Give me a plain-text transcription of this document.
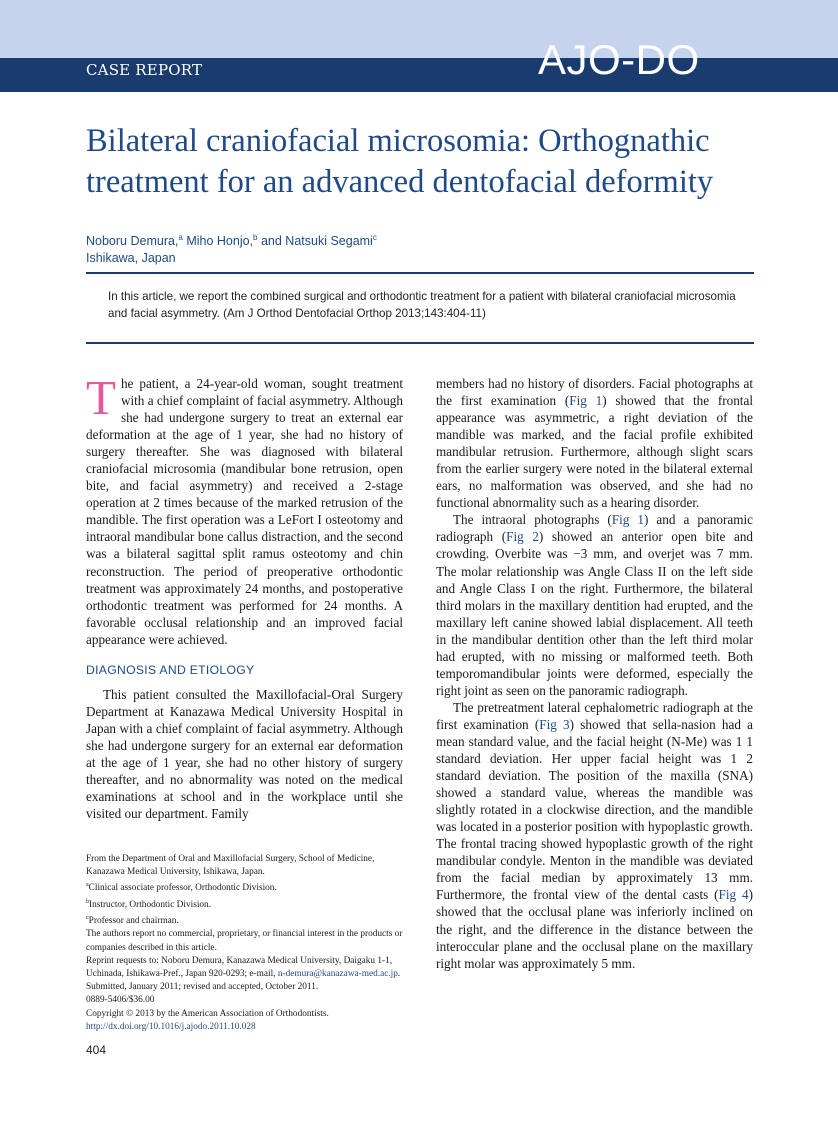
CASE REPORT	AJO-DO
Bilateral craniofacial microsomia: Orthognathic treatment for an advanced dentofacial deformity
Noboru Demura,$^a$ Miho Honjo,$^b$ and Natsuki Segami$^c$
Ishikawa, Japan

In this article, we report the combined surgical and orthodontic treatment for a patient with bilateral craniofacial microsomia and facial asymmetry. (Am J Orthod Dentofacial Orthop 2013;143:404-11)

The patient, a 24-year-old woman, sought treatment with a chief complaint of facial asymmetry. Although she had undergone surgery to treat an external ear deformation at the age of 1 year, she had no history of surgery thereafter. She was diagnosed with bilateral craniofacial microsomia (mandibular bone retrusion, open bite, and facial asymmetry) and received a 2-stage operation at 2 times because of the marked retrusion of the mandible. The first operation was a LeFort I osteotomy and intraoral mandibular bone callus distraction, and the second was a bilateral sagittal split ramus osteotomy and chin reconstruction. The period of preoperative orthodontic treatment was approximately 24 months, and postoperative orthodontic treatment was performed for 24 months. A favorable occlusal relationship and an improved facial appearance were achieved.

DIAGNOSIS AND ETIOLOGY

This patient consulted the Maxillofacial-Oral Surgery Department at Kanazawa Medical University Hospital in Japan with a chief complaint of facial asymmetry. Although she had undergone surgery for an external ear deformation at the age of 1 year, she had no other history of surgery thereafter, and no abnormality was noted on the medical examinations at school and in the workplace until she visited our department. Family

members had no history of disorders. Facial photographs at the first examination (Fig 1) showed that the frontal appearance was asymmetric, a right deviation of the mandible was marked, and the facial profile exhibited mandibular retrusion. Furthermore, although slight scars from the earlier surgery were noted in the bilateral external ears, no malformation was observed, and she had no functional abnormality such as a hearing disorder.

The intraoral photographs (Fig 1) and a panoramic radiograph (Fig 2) showed an anterior open bite and crowding. Overbite was −3 mm, and overjet was 7 mm. The molar relationship was Angle Class II on the left side and Angle Class I on the right. Furthermore, the bilateral third molars in the maxillary dentition had erupted, and the maxillary left canine showed labial displacement. All teeth in the mandibular dentition other than the left third molar had erupted, with no missing or malformed teeth. Both temporomandibular joints were deformed, especially the right joint as seen on the panoramic radiograph.

The pretreatment lateral cephalometric radiograph at the first examination (Fig 3) showed that sella-nasion had a mean standard value, and the facial height (N-Me) was 1 1 standard deviation. Her upper facial height was 1 2 standard deviation. The position of the maxilla (SNA) showed a standard value, whereas the mandible was slightly rotated in a clockwise direction, and the mandible was located in a posterior position with hypoplastic growth. The frontal tracing showed hypoplastic growth of the right mandibular condyle. Menton in the mandible was deviated from the facial median by approximately 13 mm. Furthermore, the frontal view of the dental casts (Fig 4) showed that the occlusal plane was inferiorly inclined on the right, and the difference in the distance between the interoccular plane and the occlusal plane on the maxillary right molar was approximately 5 mm.

From the Department of Oral and Maxillofacial Surgery, School of Medicine, Kanazawa Medical University, Ishikawa, Japan.
$^a$Clinical associate professor, Orthodontic Division.
$^b$Instructor, Orthodontic Division.
$^c$Professor and chairman.
The authors report no commercial, proprietary, or financial interest in the products or companies described in this article.
Reprint requests to: Noboru Demura, Kanazawa Medical University, Daigaku 1-1, Uchinada, Ishikawa-Pref., Japan 920-0293; e-mail, n-demura@kanazawa-med.ac.jp.
Submitted, January 2011; revised and accepted, October 2011.
0889-5406/$36.00
Copyright © 2013 by the American Association of Orthodontists.
http://dx.doi.org/10.1016/j.ajodo.2011.10.028
404
